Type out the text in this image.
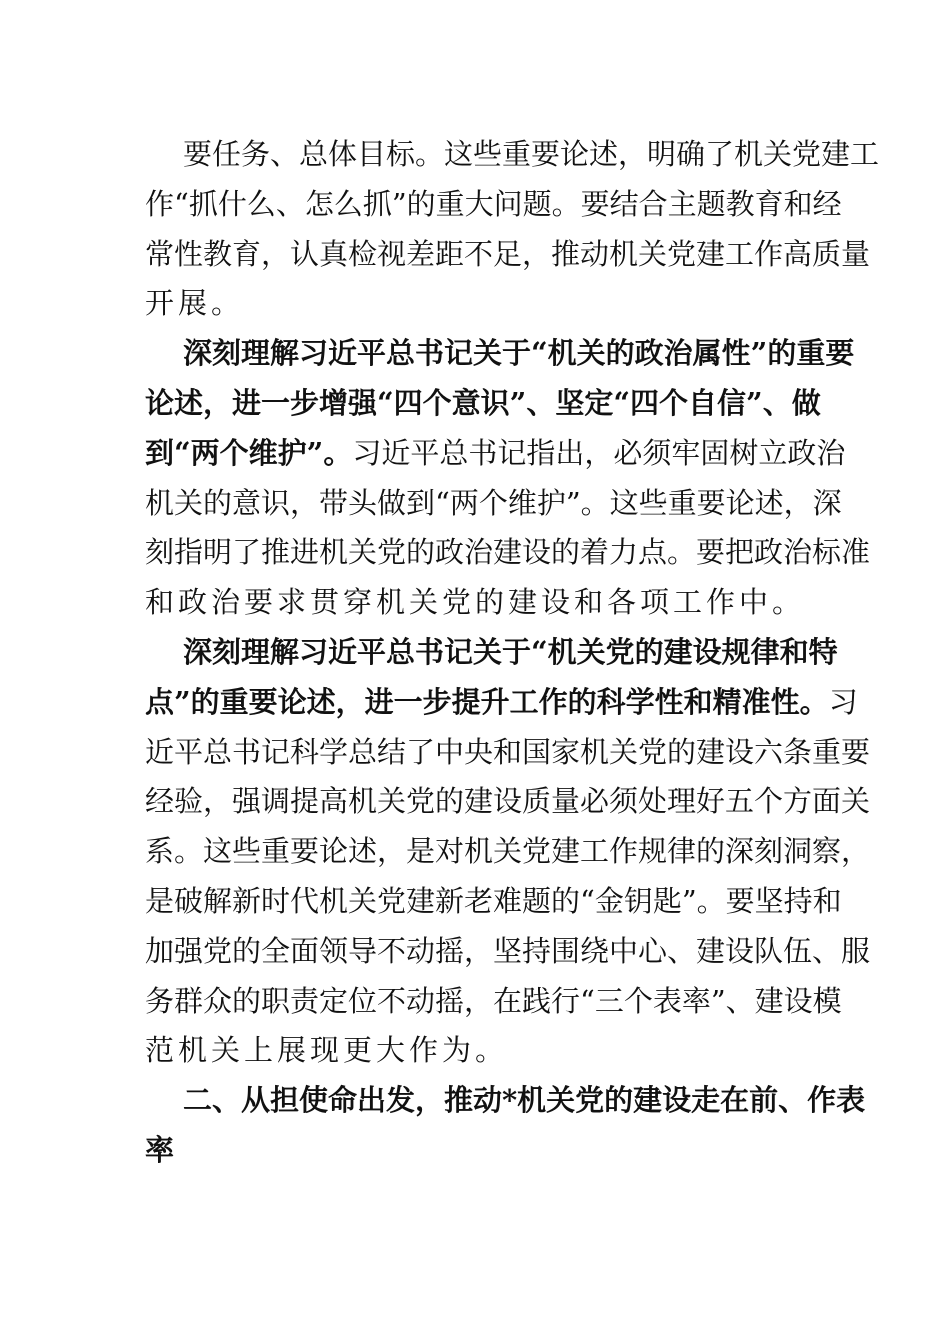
要任务、总体目标。这些重要论述，明确了机关党建工
作“抓什么、怎么抓”的重大问题。要结合主题教育和经
常性教育，认真检视差距不足，推动机关党建工作高质量
开展。
深刻理解习近平总书记关于“机关的政治属性”的重要
论述，进一步增强“四个意识”、坚定“四个自信”、做
到“两个维护”。习近平总书记指出，必须牢固树立政治
机关的意识，带头做到“两个维护”。这些重要论述，深
刻指明了推进机关党的政治建设的着力点。要把政治标准
和政治要求贯穿机关党的建设和各项工作中。
深刻理解习近平总书记关于“机关党的建设规律和特
点”的重要论述，进一步提升工作的科学性和精准性。习
近平总书记科学总结了中央和国家机关党的建设六条重要
经验，强调提高机关党的建设质量必须处理好五个方面关
系。这些重要论述，是对机关党建工作规律的深刻洞察，
是破解新时代机关党建新老难题的“金钥匙”。要坚持和
加强党的全面领导不动摇，坚持围绕中心、建设队伍、服
务群众的职责定位不动摇，在践行“三个表率”、建设模
范机关上展现更大作为。
二、从担使命出发，推动*机关党的建设走在前、作表
率
